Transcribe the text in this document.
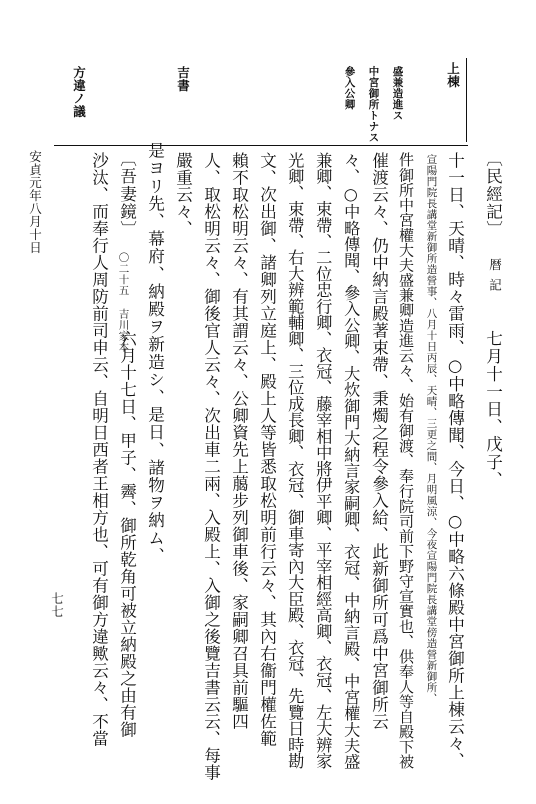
上棟
盛兼造進ス
中宮御所トナス
參入公卿
吉書
方違ノ議
〔民經記〕
暦記
七月十一日、戊子、
十一日、天晴、時々雷雨、○中略傳聞、今日、○中略六條殿中宮御所上棟云々、
宣陽門院長講堂新御所造營事、八月十日丙辰、天晴、三更之間、月明風涼、今夜宣陽門院長講堂傍造營新御所、
件御所中宮權大夫盛兼卿造進云々、始有御渡、奉行院司前下野守宣實也、供奉人等自殿下被
催渡云々、仍中納言殿著束帶、秉燭之程令參入給、此新御所可爲中宮御所云
々、○中略傳聞、參入公卿、大炊御門大納言家嗣卿、衣冠、中納言殿、中宮權大夫盛
兼卿、束帶、二位忠行卿、衣冠、藤宰相中將伊平卿、平宰相經高卿、衣冠、左大辨家
光卿、束帶、右大辨範輔卿、三位成長卿、衣冠、御車寄內大臣殿、衣冠、先覽日時勘
文、次出御、諸卿列立庭上、殿上人等皆悉取松明前行云々、其內右衞門權佐範
賴不取松明云々、有其謂云々、公卿資先上﨟步列御車後、家嗣卿召具前驅四
人、取松明云々、御後官人云々、次出車二兩、入殿上、入御之後覽吉書云云、每事
嚴重云々、
是ヨリ先、幕府、納殿ヲ新造シ、是日、諸物ヲ納ム、
〔吾妻鏡〕
〇二十五 吉川家本
六月十七日、甲子、霽、御所乾角可被立納殿之由有御
沙汰、而奉行人周防前司申云、自明日西者王相方也、可有御方違歟云々、不當
七七
安貞元年八月十日
